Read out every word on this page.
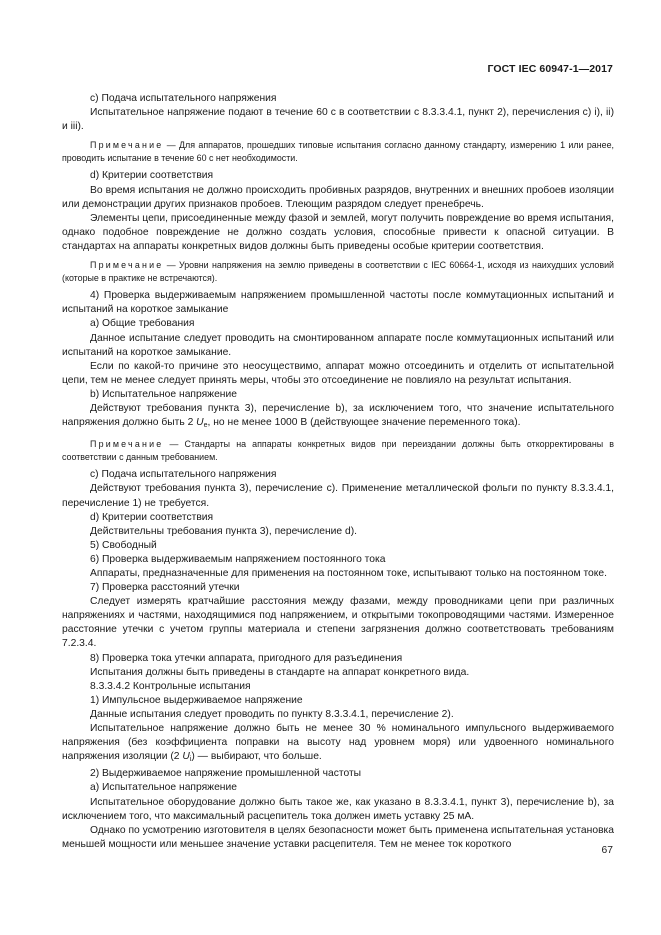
ГОСТ IEC 60947-1—2017

c) Подача испытательного напряжения

Испытательное напряжение подают в течение 60 с в соответствии с 8.3.3.4.1, пункт 2), перечисления с) i), ii) и iii).

Примечание — Для аппаратов, прошедших типовые испытания согласно данному стандарту, измерению 1 или ранее, проводить испытание в течение 60 с нет необходимости.

d) Критерии соответствия

Во время испытания не должно происходить пробивных разрядов, внутренних и внешних пробоев изоляции или демонстрации других признаков пробоев. Тлеющим разрядом следует пренебречь.

Элементы цепи, присоединенные между фазой и землей, могут получить повреждение во время испытания, однако подобное повреждение не должно создать условия, способные привести к опасной ситуации. В стандартах на аппараты конкретных видов должны быть приведены особые критерии соответствия.

Примечание — Уровни напряжения на землю приведены в соответствии с IEC 60664-1, исходя из наихудших условий (которые в практике не встречаются).

4) Проверка выдерживаемым напряжением промышленной частоты после коммутационных испытаний и испытаний на короткое замыкание

a) Общие требования

Данное испытание следует проводить на смонтированном аппарате после коммутационных испытаний или испытаний на короткое замыкание.

Если по какой-то причине это неосуществимо, аппарат можно отсоединить и отделить от испытательной цепи, тем не менее следует принять меры, чтобы это отсоединение не повлияло на результат испытания.

b) Испытательное напряжение

Действуют требования пункта 3), перечисление b), за исключением того, что значение испытательного напряжения должно быть 2 $U_e$, но не менее 1000 В (действующее значение переменного тока).

Примечание — Стандарты на аппараты конкретных видов при переиздании должны быть откорректированы в соответствии с данным требованием.

c) Подача испытательного напряжения

Действуют требования пункта 3), перечисление c). Применение металлической фольги по пункту 8.3.3.4.1, перечисление 1) не требуется.

d) Критерии соответствия

Действительны требования пункта 3), перечисление d).

5) Свободный

6) Проверка выдерживаемым напряжением постоянного тока

Аппараты, предназначенные для применения на постоянном токе, испытывают только на постоянном токе.

7) Проверка расстояний утечки

Следует измерять кратчайшие расстояния между фазами, между проводниками цепи при различных напряжениях и частями, находящимися под напряжением, и открытыми токопроводящими частями. Измеренное расстояние утечки с учетом группы материала и степени загрязнения должно соответствовать требованиям 7.2.3.4.

8) Проверка тока утечки аппарата, пригодного для разъединения

Испытания должны быть приведены в стандарте на аппарат конкретного вида.

8.3.3.4.2 Контрольные испытания

1) Импульсное выдерживаемое напряжение

Данные испытания следует проводить по пункту 8.3.3.4.1, перечисление 2).

Испытательное напряжение должно быть не менее 30 % номинального импульсного выдерживаемого напряжения (без коэффициента поправки на высоту над уровнем моря) или удвоенного номинального напряжения изоляции (2 $U_i$) — выбирают, что больше.

2) Выдерживаемое напряжение промышленной частоты

a) Испытательное напряжение

Испытательное оборудование должно быть такое же, как указано в 8.3.3.4.1, пункт 3), перечисление b), за исключением того, что максимальный расцепитель тока должен иметь уставку 25 мА.

Однако по усмотрению изготовителя в целях безопасности может быть применена испытательная установка меньшей мощности или меньшее значение уставки расцепителя. Тем не менее ток короткого

67
